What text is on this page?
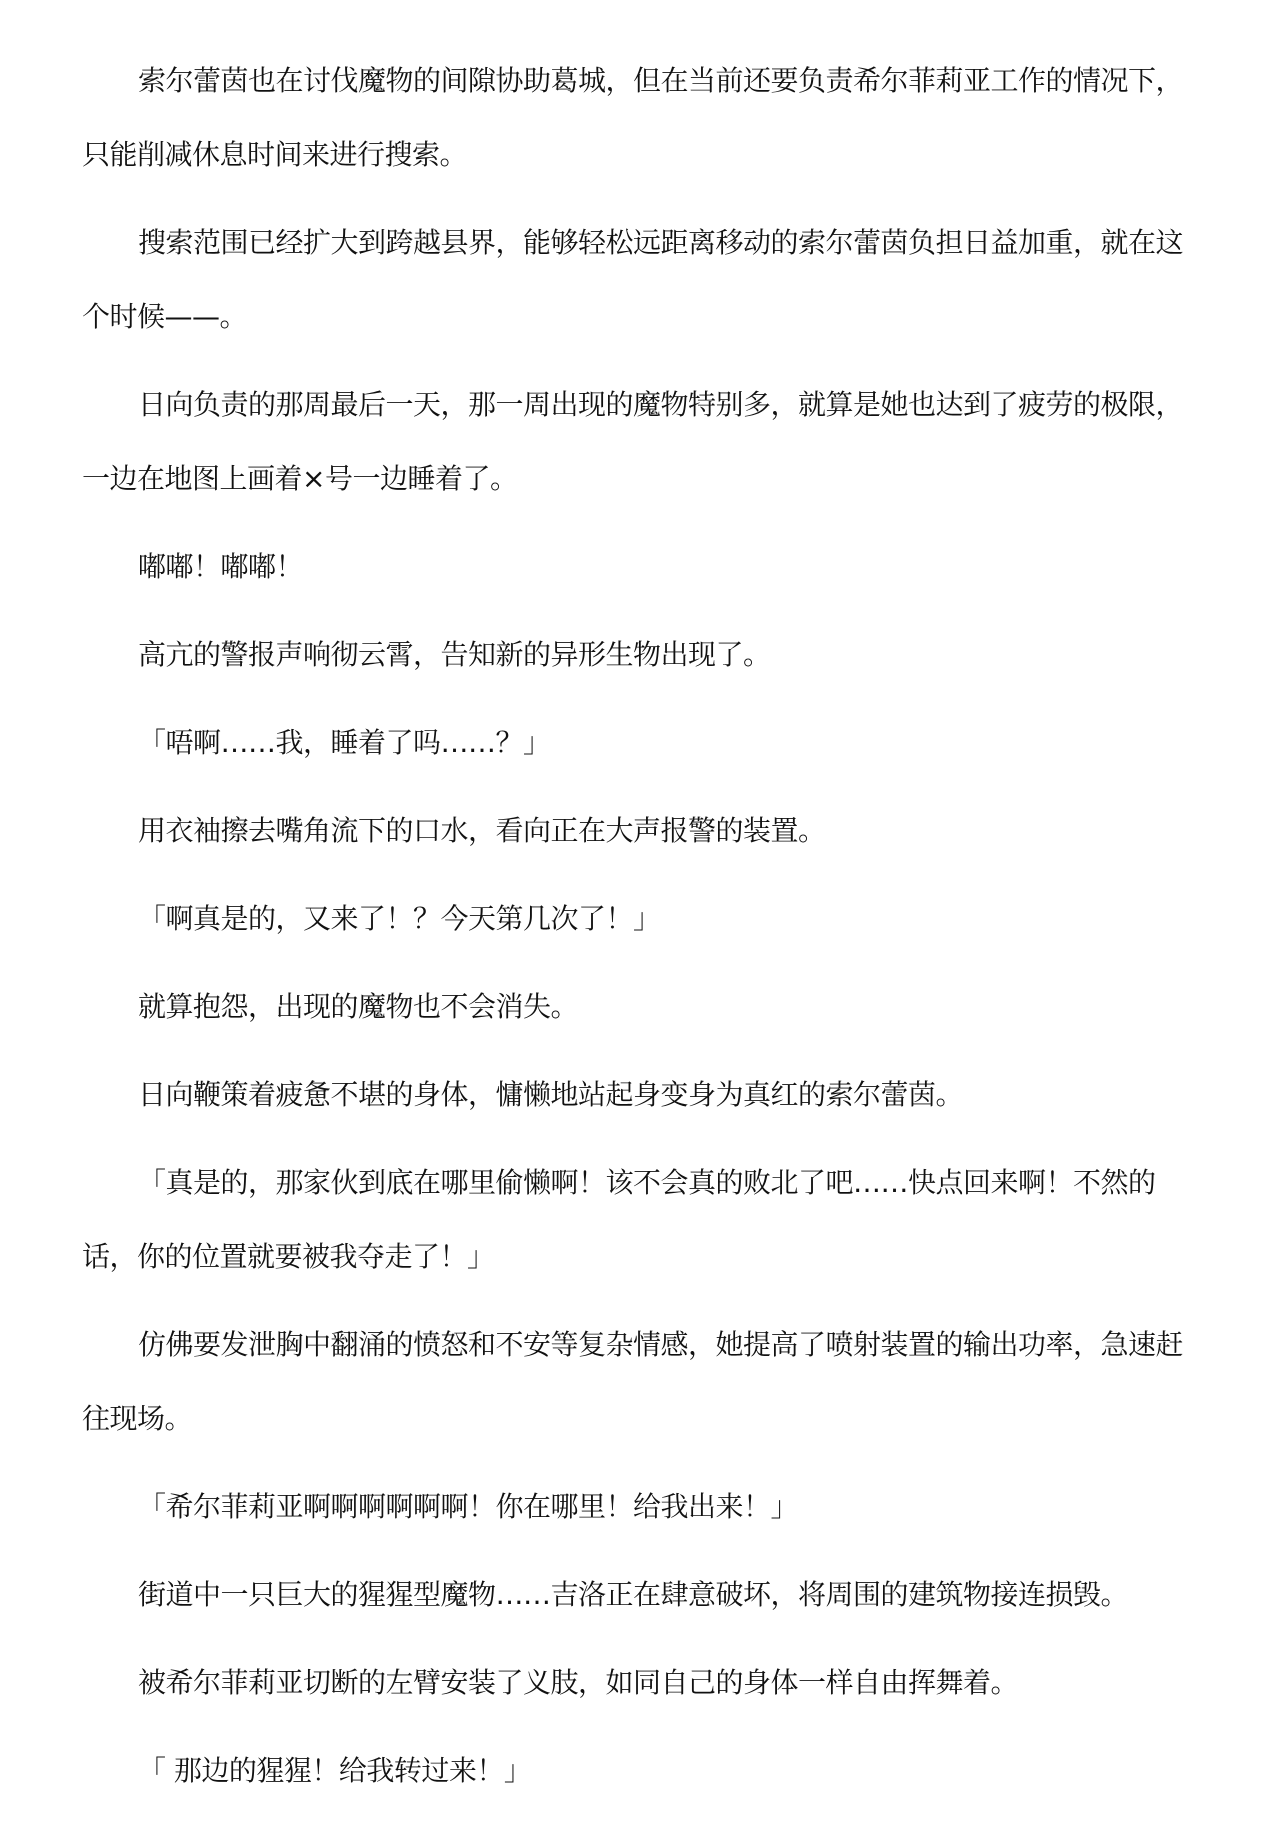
索尔蕾茵也在讨伐魔物的间隙协助葛城，但在当前还要负责希尔菲莉亚工作的情况下，只能削减休息时间来进行搜索。

搜索范围已经扩大到跨越县界，能够轻松远距离移动的索尔蕾茵负担日益加重，就在这个时候——。

日向负责的那周最后一天，那一周出现的魔物特别多，就算是她也达到了疲劳的极限，一边在地图上画着×号一边睡着了。

嘟嘟！嘟嘟！

高亢的警报声响彻云霄，告知新的异形生物出现了。

「唔啊……我，睡着了吗……？」

用衣袖擦去嘴角流下的口水，看向正在大声报警的装置。

「啊真是的，又来了！？今天第几次了！」

就算抱怨，出现的魔物也不会消失。

日向鞭策着疲惫不堪的身体，慵懒地站起身变身为真红的索尔蕾茵。

「真是的，那家伙到底在哪里偷懒啊！该不会真的败北了吧……快点回来啊！不然的话，你的位置就要被我夺走了！」

仿佛要发泄胸中翻涌的愤怒和不安等复杂情感，她提高了喷射装置的输出功率，急速赶往现场。

「希尔菲莉亚啊啊啊啊啊啊！你在哪里！给我出来！」

街道中一只巨大的猩猩型魔物……吉洛正在肆意破坏，将周围的建筑物接连损毁。

被希尔菲莉亚切断的左臂安装了义肢，如同自己的身体一样自由挥舞着。

「 那边的猩猩！给我转过来！」
